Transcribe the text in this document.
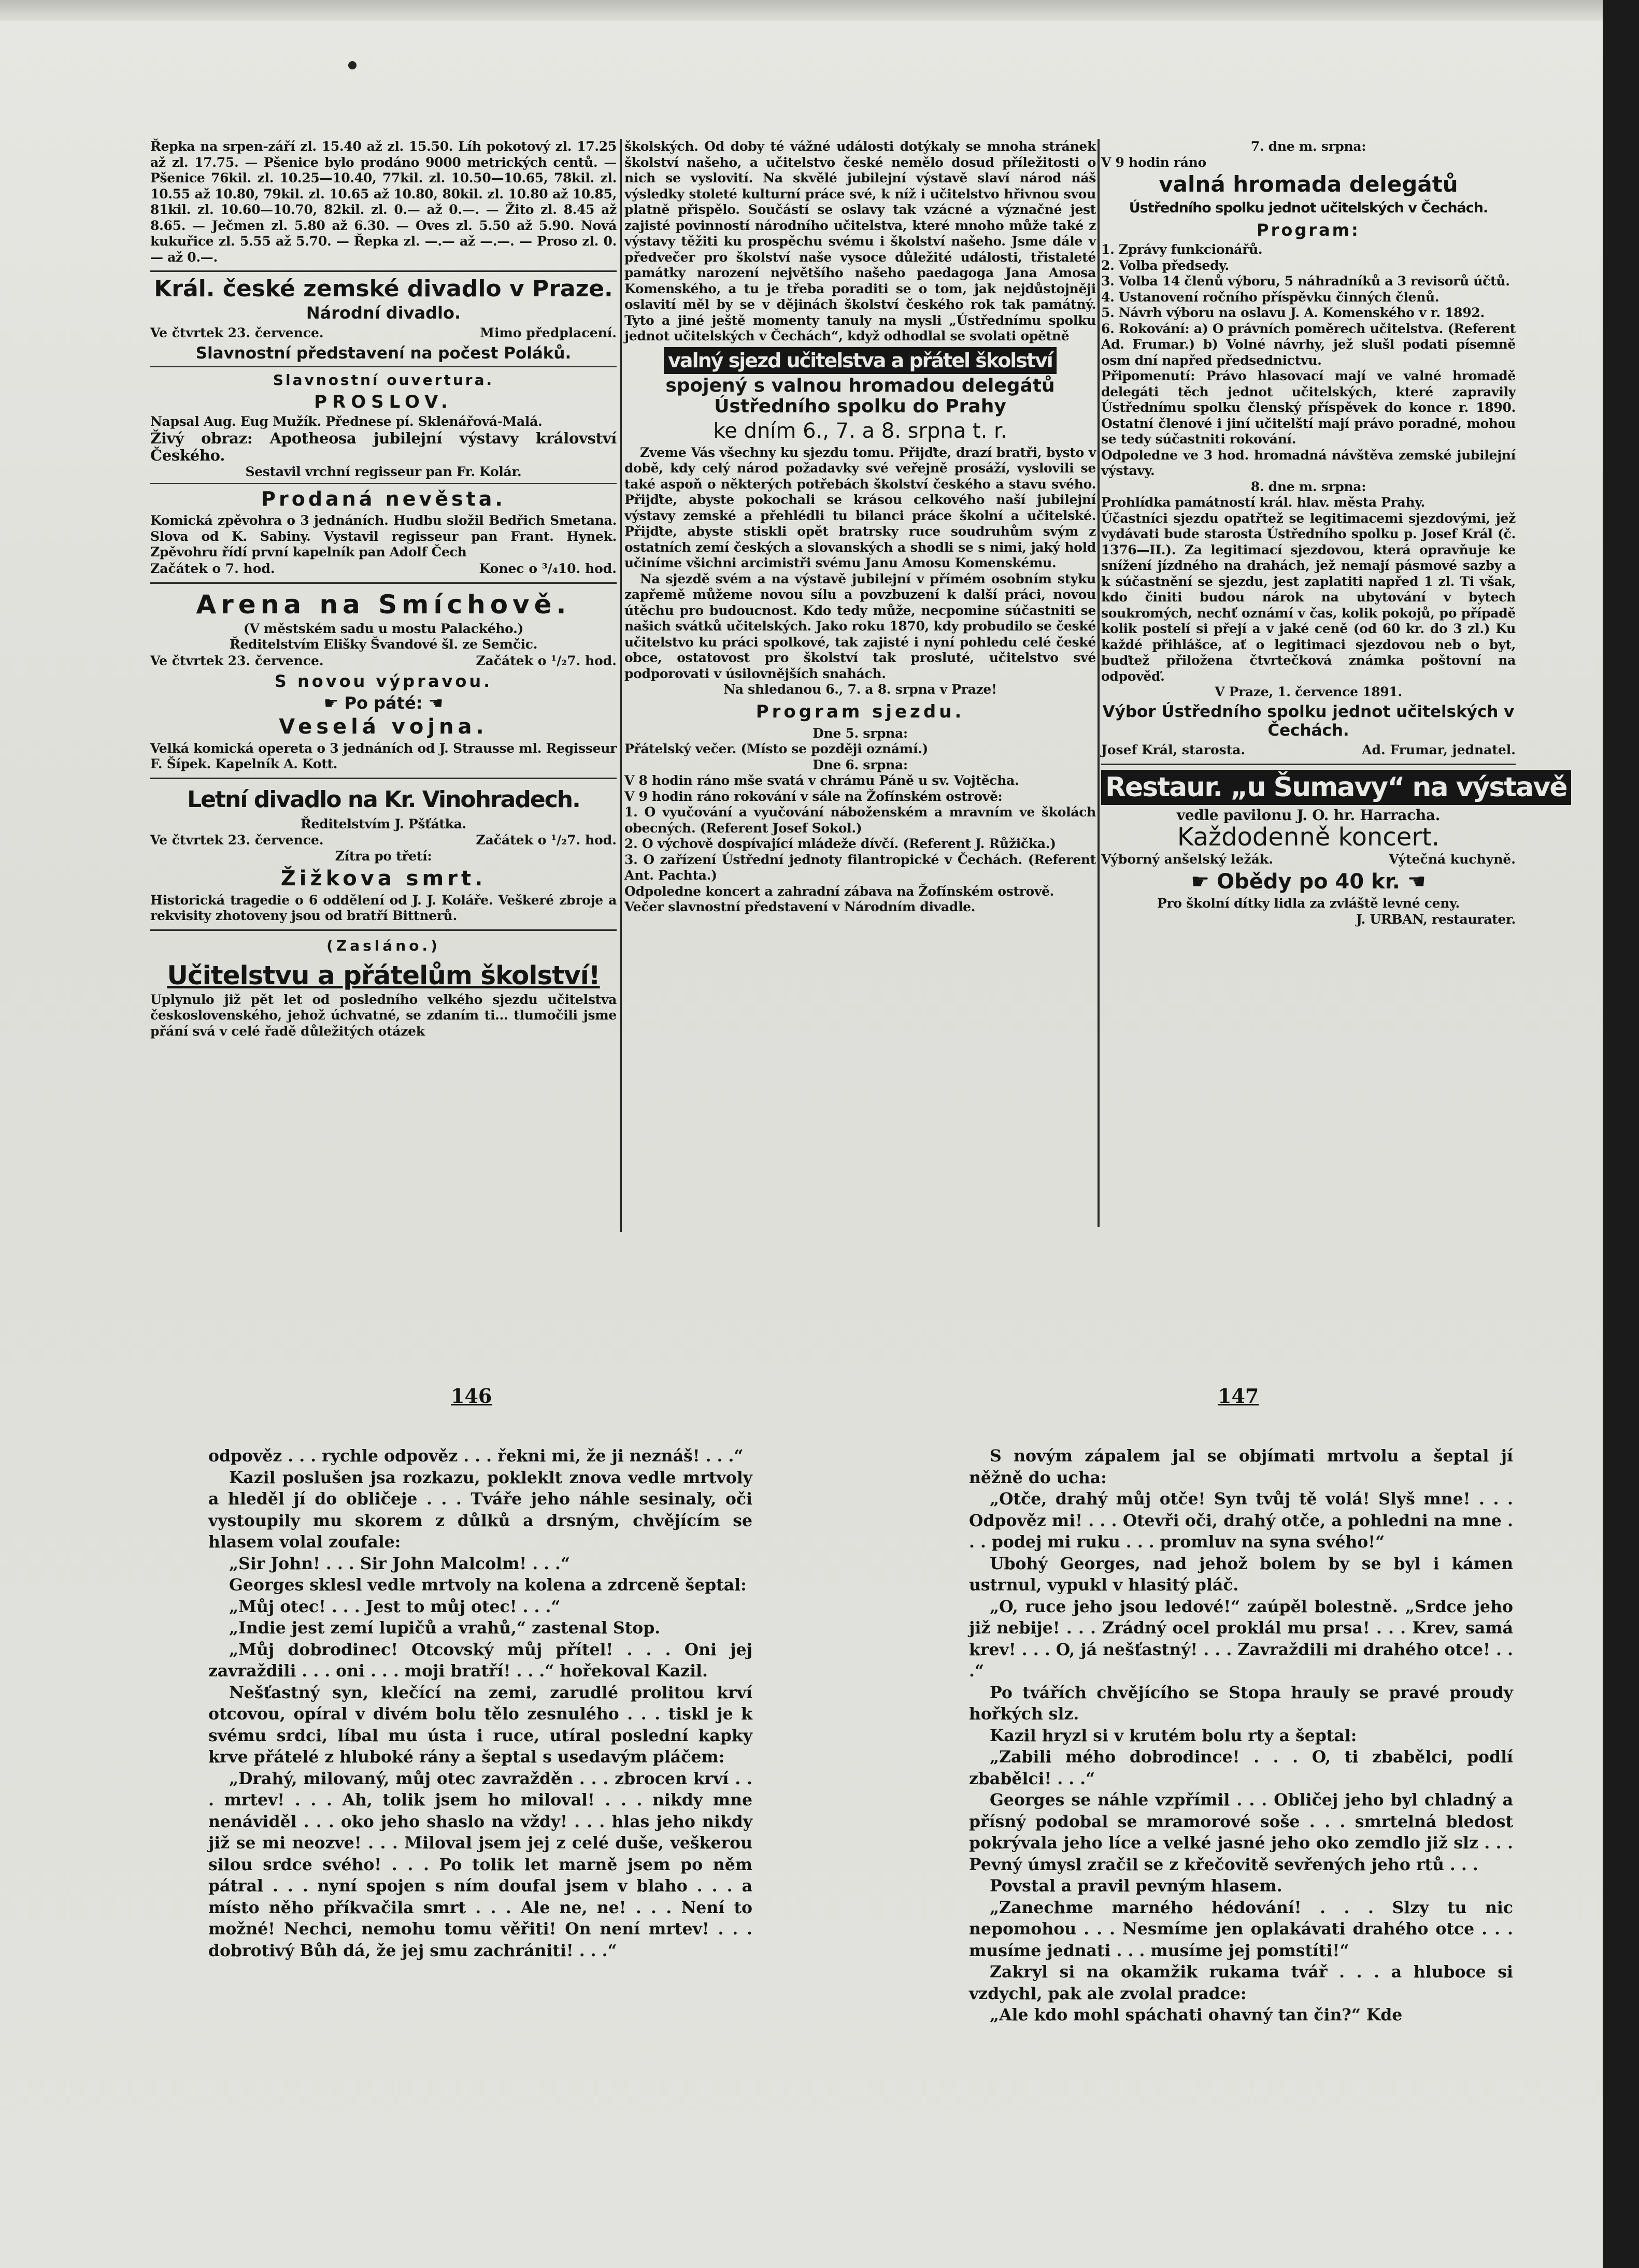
Řepka na srpen-září zl. 15.40 až zl. 15.50. Líh pokotový zl. 17.25 až zl. 17.75. — Pšenice bylo prodáno 9000 metrických centů. — Pšenice 76kil. zl. 10.25—10.40, 77kil. zl. 10.50—10.65, 78kil. zl. 10.55 až 10.80, 79kil. zl. 10.65 až 10.80, 80kil. zl. 10.80 až 10.85, 81kil. zl. 10.60—10.70, 82kil. zl. 0.— až 0.—. — Žito zl. 8.45 až 8.65. — Ječmen zl. 5.80 až 6.30. — Oves zl. 5.50 až 5.90. Nová kukuřice zl. 5.55 až 5.70. — Řepka zl. —.— až —.—. — Proso zl. 0.— až 0.—.

Král. české zemské divadlo v Praze.
Národní divadlo.
Ve čtvrtek 23. července.	Mimo předplacení.
Slavnostní představení na počest Poláků.
Slavnostní ouvertura.
PROSLOV.

Napsal Aug. Eug Mužík. Přednese pí. Sklenářová-Malá.

Živý obraz: Apotheosa jubilejní výstavy království Českého.

Sestavil vrchní regisseur pan Fr. Kolár.

Prodaná nevěsta.

Komická zpěvohra o 3 jednáních. Hudbu složil Bedřich Smetana. Slova od K. Sabiny. Vystavil regisseur pan Frant. Hynek. Zpěvohru řídí první kapelník pan Adolf Čech

Začátek o 7. hod.	Konec o ³/₄10. hod.
Arena na Smíchově.

(V městském sadu u mostu Palackého.)

Ředitelstvím Elišky Švandové šl. ze Semčic.

Ve čtvrtek 23. července.	Začátek o ¹/₂7. hod.
S novou výpravou.
☛ Po páté: ☚
Veselá vojna.

Velká komická opereta o 3 jednáních od J. Strausse ml. Regisseur F. Šípek. Kapelník A. Kott.

Letní divadlo na Kr. Vinohradech.

Ředitelstvím J. Pšťátka.

Ve čtvrtek 23. července.	Začátek o ¹/₂7. hod.

Zítra po třetí:

Žižkova smrt.

Historická tragedie o 6 oddělení od J. J. Koláře. Veškeré zbroje a rekvisity zhotoveny jsou od bratří Bittnerů.

(Zasláno.)
Učitelstvu a přátelům školství!

Uplynulo již pět let od posledního velkého sjezdu učitelstva československého, jehož úchvatné, se zdaním ti... tlumočili jsme přání svá v celé řadě důležitých otázek

školských. Od doby té vážné události dotýkaly se mnoha stránek školství našeho, a učitelstvo české nemělo dosud příležitosti o nich se vyslovití. Na skvělé jubilejní výstavě slaví národ náš výsledky stoleté kulturní práce své, k níž i učitelstvo hřivnou svou platně přispělo. Součástí se oslavy tak vzácné a význačné jest zajisté povinností národního učitelstva, které mnoho může také z výstavy těžiti ku prospěchu svému i školství našeho. Jsme dále v předvečer pro školství naše vysoce důležité události, třistaleté památky narození největšího našeho paedagoga Jana Amosa Komenského, a tu je třeba poraditi se o tom, jak nejdůstojněji oslavití měl by se v dějinách školství českého rok tak památný. Tyto a jiné ještě momenty tanuly na mysli „Ústřednímu spolku jednot učitelských v Čechách“, když odhodlal se svolati opětně

valný sjezd učitelstva a přátel školství
spojený s valnou hromadou delegátů Ústředního spolku do Prahy
ke dním 6., 7. a 8. srpna t. r.

Zveme Vás všechny ku sjezdu tomu. Přijďte, drazí bratři, bysto v době, kdy celý národ požadavky své veřejně prosáží, vyslovili se také aspoň o některých potřebách školství českého a stavu svého. Přijďte, abyste pokochali se krásou celkového naší jubilejní výstavy zemské a přehlédli tu bilanci práce školní a učitelské. Přijďte, abyste stiskli opět bratrsky ruce soudruhům svým z ostatních zemí českých a slovanských a shodli se s nimi, jaký hold učiníme všichni arcimistři svému Janu Amosu Komenskému.

Na sjezdě svém a na výstavě jubilejní v přímém osobním styku zapřemě můžeme novou sílu a povzbuzení k další práci, novou útěchu pro budoucnost. Kdo tedy může, necpomine súčastniti se našich svátků učitelských. Jako roku 1870, kdy probudilo se české učitelstvo ku práci spolkové, tak zajisté i nyní pohledu celé české obce, ostatovost pro školství tak prosluté, učitelstvo své podporovati v úsilovnějších snahách.

Na shledanou 6., 7. a 8. srpna v Praze!

Program sjezdu.

Dne 5. srpna:

Přátelský večer. (Místo se později oznámí.)

Dne 6. srpna:

V 8 hodin ráno mše svatá v chrámu Páně u sv. Vojtěcha.

V 9 hodin ráno rokování v sále na Žofínském ostrově:

1. O vyučování a vyučování náboženském a mravním ve školách obecných. (Referent Josef Sokol.)

2. O výchově dospívající mládeže dívčí. (Referent J. Růžička.)

3. O zařízení Ústřední jednoty filantropické v Čechách. (Referent Ant. Pachta.)

Odpoledne koncert a zahradní zábava na Žofínském ostrově.

Večer slavnostní představení v Národním divadle.

7. dne m. srpna:

V 9 hodin ráno

valná hromada delegátů
Ústředního spolku jednot učitelských v Čechách.
Program:

1. Zprávy funkcionářů.

2. Volba předsedy.

3. Volba 14 členů výboru, 5 náhradníků a 3 revisorů účtů.

4. Ustanovení ročního příspěvku činných členů.

5. Návrh výboru na oslavu J. A. Komenského v r. 1892.

6. Rokování: a) O právních poměrech učitelstva. (Referent Ad. Frumar.) b) Volné návrhy, jež slušl podati písemně osm dní napřed předsednictvu.

Připomenutí: Právo hlasovací mají ve valné hromadě delegáti těch jednot učitelských, které zapravily Ústřednímu spolku členský příspěvek do konce r. 1890. Ostatní členové i jiní učitelští mají právo poradné, mohou se tedy súčastniti rokování.

Odpoledne ve 3 hod. hromadná návštěva zemské jubilejní výstavy.

8. dne m. srpna:

Prohlídka památností král. hlav. města Prahy.

Účastníci sjezdu opatřtež se legitimacemi sjezdovými, jež vydávati bude starosta Ústředního spolku p. Josef Král (č. 1376—II.). Za legitimací sjezdovou, která opravňuje ke snížení jízdného na drahách, jež nemají pásmové sazby a k súčastnění se sjezdu, jest zaplatiti napřed 1 zl. Ti však, kdo činiti budou nárok na ubytování v bytech soukromých, nechť oznámí v čas, kolik pokojů, po případě kolik postelí si přejí a v jaké ceně (od 60 kr. do 3 zl.) Ku každé přihlášce, ať o legitimaci sjezdovou neb o byt, buďtež přiložena čtvrtečková známka poštovní na odpověď.

V Praze, 1. července 1891.

Výbor Ústředního spolku jednot učitelských v Čechách.
Josef Král, starosta.	Ad. Frumar, jednatel.
Restaur. „u Šumavy“ na výstavě

vedle pavilonu J. O. hr. Harracha.

Každodenně koncert.
Výborný anšelský ležák.	Výtečná kuchyně.
☛ Obědy po 40 kr. ☚

Pro školní dítky lidla za zvláště levné ceny.

J. URBAN, restaurater.

146	147

odpověz . . . rychle odpověz . . . řekni mi, že ji neznáš! . . .“

Kazil poslušen jsa rozkazu, pokleklt znova vedle mrtvoly a hleděl jí do obličeje . . . Tváře jeho náhle sesinaly, oči vystoupily mu skorem z důlků a drsným, chvějícím se hlasem volal zoufale:

„Sir John! . . . Sir John Malcolm! . . .“

Georges sklesl vedle mrtvoly na kolena a zdrceně šeptal:

„Můj otec! . . . Jest to můj otec! . . .“

„Indie jest zemí lupičů a vrahů,“ zastenal Stop.

„Můj dobrodinec! Otcovský můj přítel! . . . Oni jej zavraždili . . . oni . . . moji bratří! . . .“ hořekoval Kazil.

Nešťastný syn, klečící na zemi, zarudlé prolitou krví otcovou, opíral v divém bolu tělo zesnulého . . . tiskl je k svému srdci, líbal mu ústa i ruce, utíral poslední kapky krve přátelé z hluboké rány a šeptal s usedavým pláčem:

„Drahý, milovaný, můj otec zavražděn . . . zbrocen krví . . . mrtev! . . . Ah, tolik jsem ho miloval! . . . nikdy mne nenáviděl . . . oko jeho shaslo na vždy! . . . hlas jeho nikdy již se mi neozve! . . . Miloval jsem jej z celé duše, veškerou silou srdce svého! . . . Po tolik let marně jsem po něm pátral . . . nyní spojen s ním doufal jsem v blaho . . . a místo něho příkvačila smrt . . . Ale ne, ne! . . . Není to možné! Nechci, nemohu tomu věřiti! On není mrtev! . . . dobrotivý Bůh dá, že jej smu zachrániti! . . .“

S novým zápalem jal se objímati mrtvolu a šeptal jí něžně do ucha:

„Otče, drahý můj otče! Syn tvůj tě volá! Slyš mne! . . . Odpověz mi! . . . Otevři oči, drahý otče, a pohledni na mne . . . podej mi ruku . . . promluv na syna svého!“

Ubohý Georges, nad jehož bolem by se byl i kámen ustrnul, vypukl v hlasitý pláč.

„O, ruce jeho jsou ledové!“ zaúpěl bolestně. „Srdce jeho již nebije! . . . Zrádný ocel proklál mu prsa! . . . Krev, samá krev! . . . O, já nešťastný! . . . Zavraždili mi drahého otce! . . .“

Po tvářích chvějícího se Stopa hrauly se pravé proudy hořkých slz.

Kazil hryzl si v krutém bolu rty a šeptal:

„Zabili mého dobrodince! . . . O, ti zbabělci, podlí zbabělci! . . .“

Georges se náhle vzpřímil . . . Obličej jeho byl chladný a přísný podobal se mramorové soše . . . smrtelná bledost pokrývala jeho líce a velké jasné jeho oko zemdlo již slz . . . Pevný úmysl zračil se z křečovitě sevřených jeho rtů . . .

Povstal a pravil pevným hlasem.

„Zanechme marného hédování! . . . Slzy tu nic nepomohou . . . Nesmíme jen oplakávati drahého otce . . . musíme jednati . . . musíme jej pomstíti!“

Zakryl si na okamžik rukama tvář . . . a hluboce si vzdychl, pak ale zvolal pradce:

„Ale kdo mohl spáchati ohavný tan čin?“ Kde
